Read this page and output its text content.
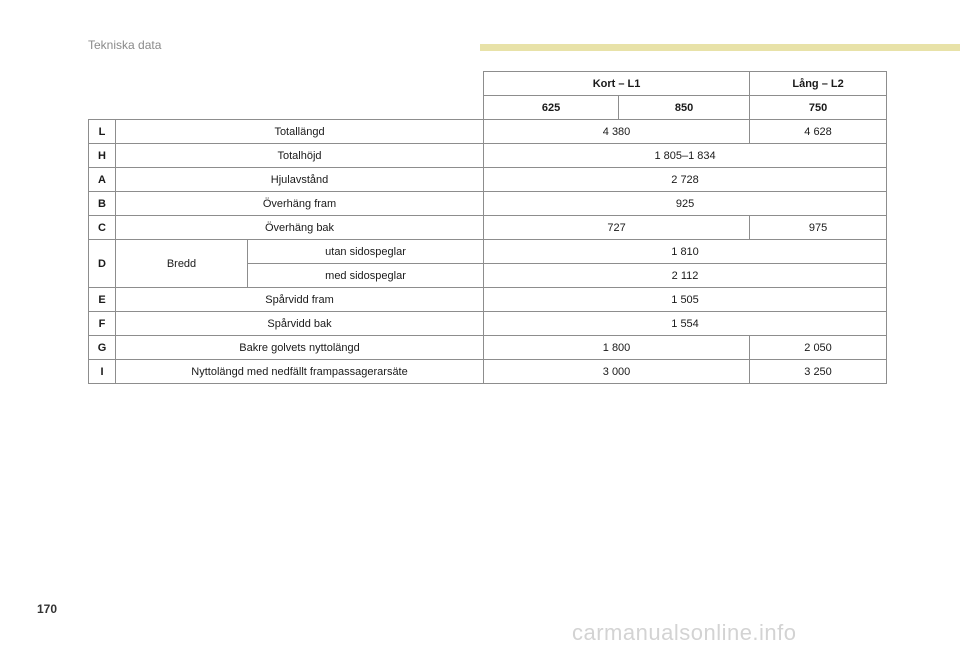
Tekniska data
			Kort – L1		Lång – L2
			625	850	750
L	Totallängd		4 380		4 628
H	Totalhöjd		1 805–1 834		
A	Hjulavstånd		2 728		
B	Överhäng fram		925		
C	Överhäng bak		727		975
D	Bredd	utan sidospeglar	1 810		
		med sidospeglar	2 112		
E	Spårvidd fram		1 505		
F	Spårvidd bak		1 554		
G	Bakre golvets nyttolängd		1 800		2 050
I	Nyttolängd med nedfällt frampassagerarsäte		3 000		3 250
170
carmanualsonline.info
